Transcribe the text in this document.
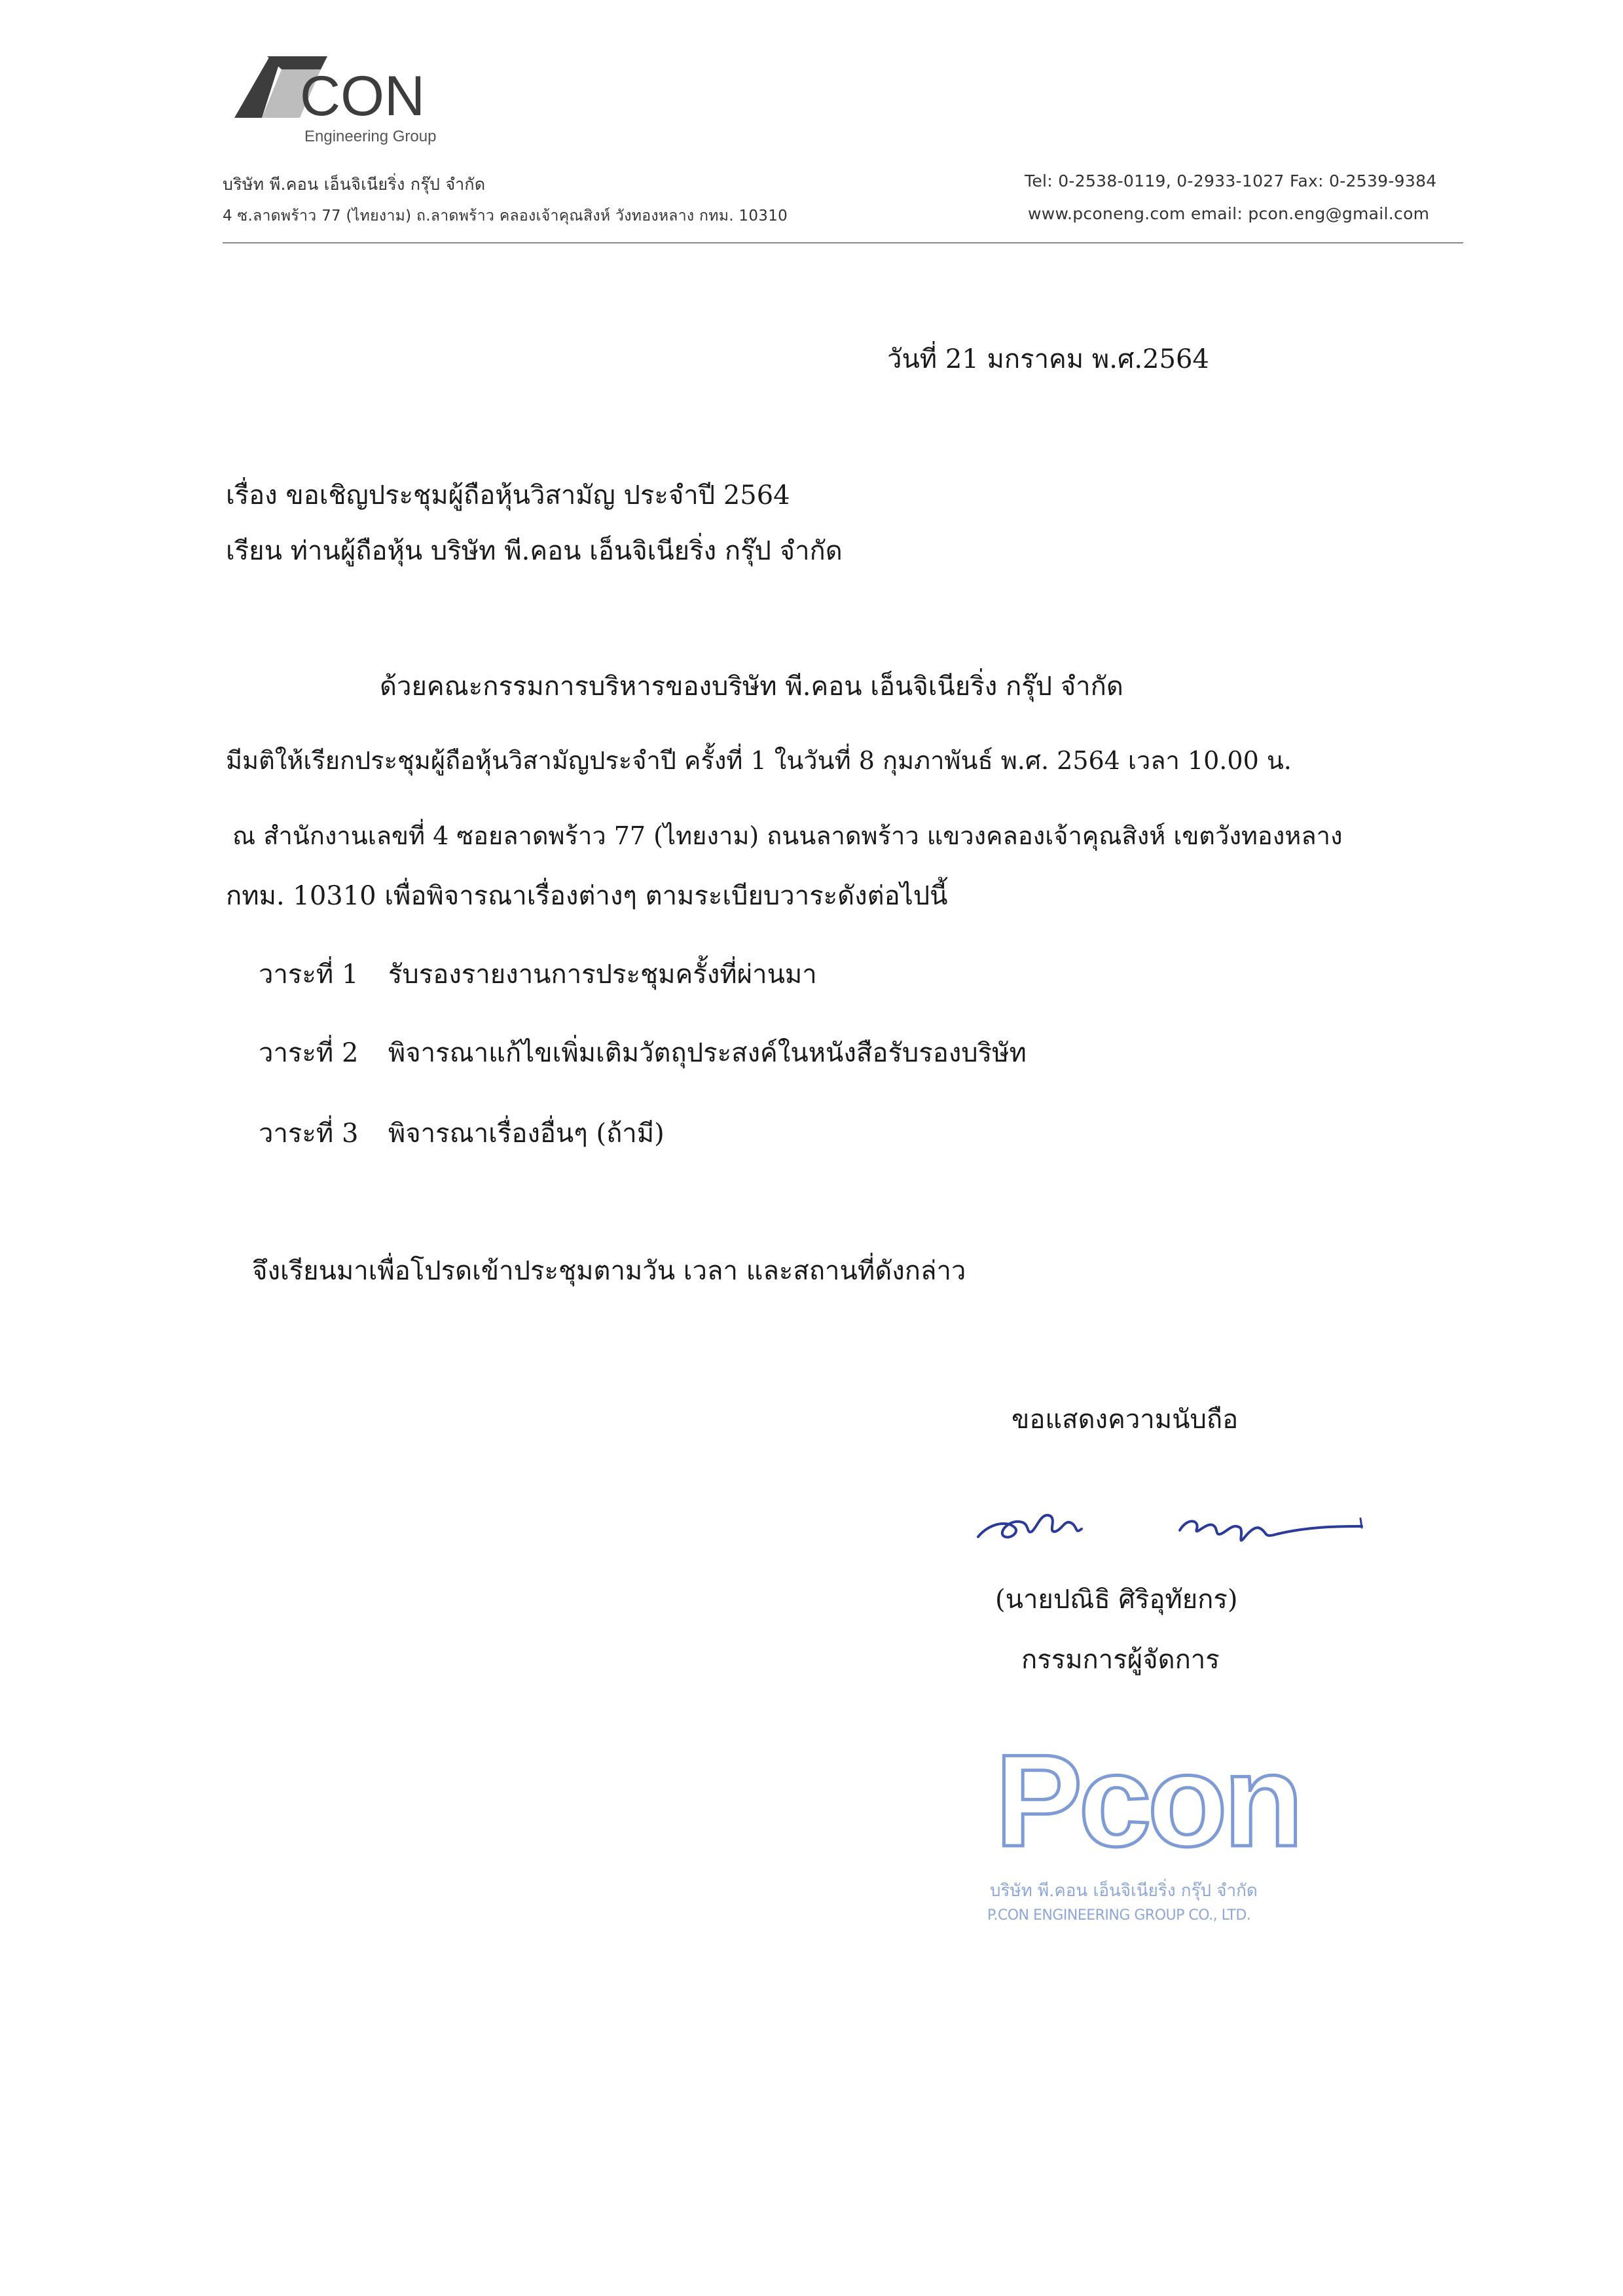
CON
Engineering Group
บริษัท พี.คอน เอ็นจิเนียริ่ง กรุ๊ป จำกัด
4 ซ.ลาดพร้าว 77 (ไทยงาม) ถ.ลาดพร้าว คลองเจ้าคุณสิงห์ วังทองหลาง กทม. 10310
Tel: 0-2538-0119, 0-2933-1027 Fax: 0-2539-9384
www.pconeng.com email: pcon.eng@gmail.com
วันที่ 21 มกราคม พ.ศ.2564
เรื่อง ขอเชิญประชุมผู้ถือหุ้นวิสามัญ ประจำปี 2564
เรียน ท่านผู้ถือหุ้น บริษัท พี.คอน เอ็นจิเนียริ่ง กรุ๊ป จำกัด
ด้วยคณะกรรมการบริหารของบริษัท พี.คอน เอ็นจิเนียริ่ง กรุ๊ป จำกัด
มีมติให้เรียกประชุมผู้ถือหุ้นวิสามัญประจำปี ครั้งที่ 1 ในวันที่ 8 กุมภาพันธ์ พ.ศ. 2564 เวลา 10.00 น.
ณ สำนักงานเลขที่ 4 ซอยลาดพร้าว 77 (ไทยงาม) ถนนลาดพร้าว แขวงคลองเจ้าคุณสิงห์ เขตวังทองหลาง
กทม. 10310 เพื่อพิจารณาเรื่องต่างๆ ตามระเบียบวาระดังต่อไปนี้
วาระที่ 1 รับรองรายงานการประชุมครั้งที่ผ่านมา
วาระที่ 2 พิจารณาแก้ไขเพิ่มเติมวัตถุประสงค์ในหนังสือรับรองบริษัท
วาระที่ 3 พิจารณาเรื่องอื่นๆ (ถ้ามี)
จึงเรียนมาเพื่อโปรดเข้าประชุมตามวัน เวลา และสถานที่ดังกล่าว
ขอแสดงความนับถือ
(นายปณิธิ ศิริอุทัยกร)
กรรมการผู้จัดการ
Pcon
บริษัท พี.คอน เอ็นจิเนียริ่ง กรุ๊ป จำกัด
P.CON ENGINEERING GROUP CO., LTD.
